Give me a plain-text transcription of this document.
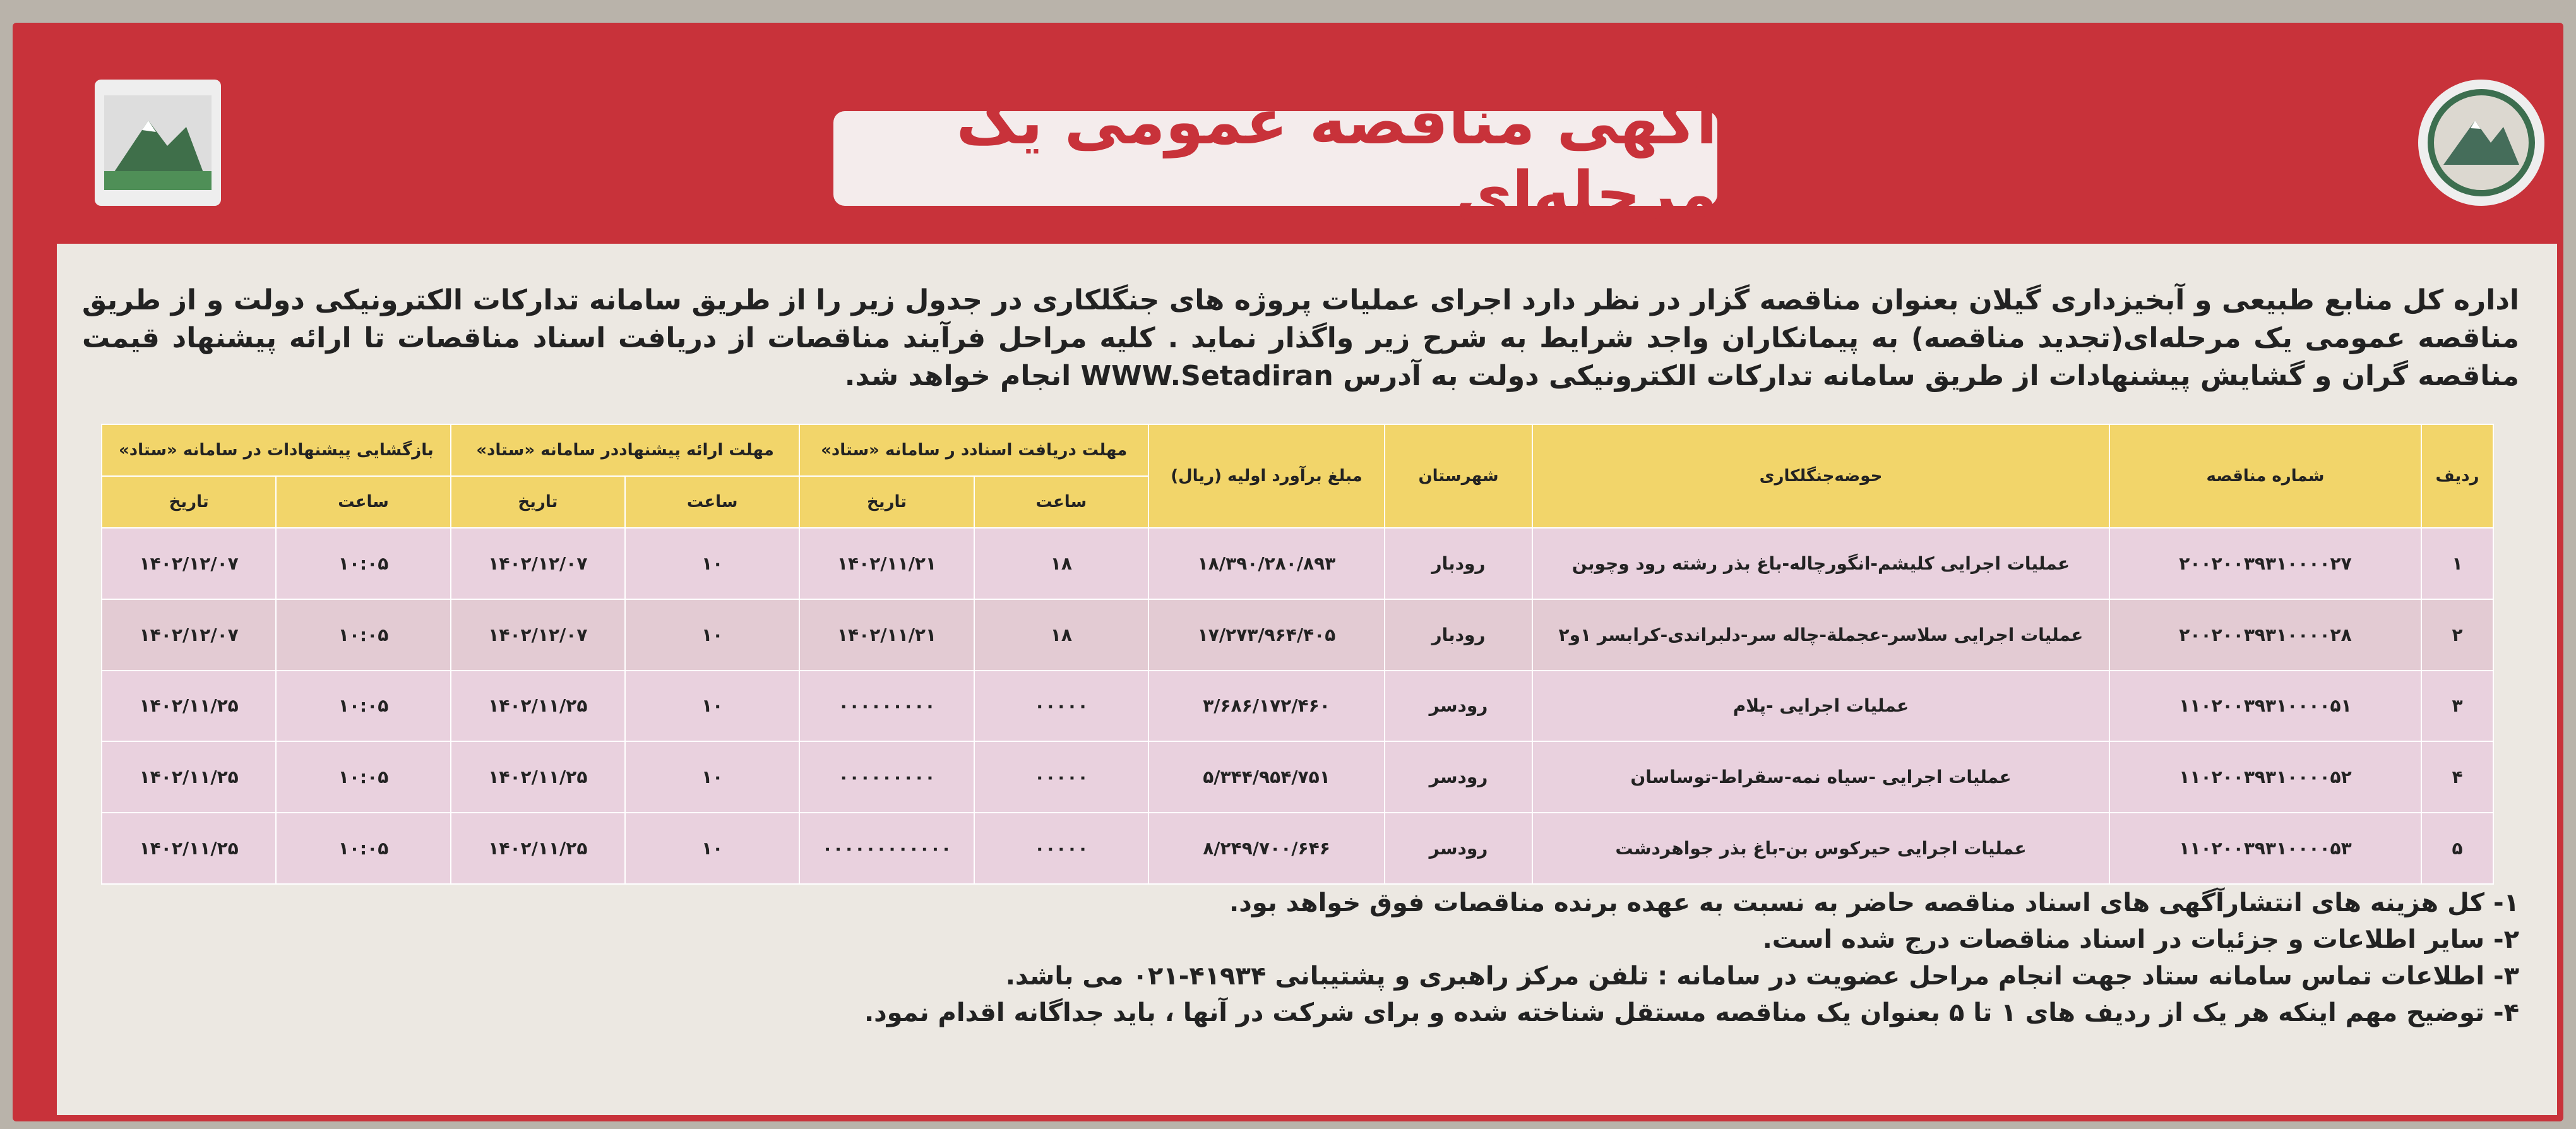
آگهی مناقصه عمومی یک مرحله‌ای
اداره کل منابع طبیعی و آبخیزداری گیلان بعنوان مناقصه گزار در نظر دارد اجرای عملیات پروژه های جنگلکاری در جدول زیر را از طریق سامانه تدارکات الکترونیکی دولت و از طریق مناقصه عمومی یک مرحله‌ای(تجدید مناقصه) به پیمانکاران واجد شرایط به شرح زیر واگذار نماید . کلیه مراحل فرآیند مناقصات از دریافت اسناد مناقصات تا ارائه پیشنهاد قیمت مناقصه گران و گشایش پیشنهادات از طریق سامانه تدارکات الکترونیکی دولت به آدرس WWW.Setadiran انجام خواهد شد.
ردیف	شماره مناقصه	حوضه‌جنگلکاری	شهرستان	مبلغ برآورد اولیه (ریال)	مهلت دریافت اسنادد ر سامانه «ستاد»		مهلت ارائه پیشنهاددر سامانه «ستاد»		بازگشایی پیشنهادات در سامانه «ستاد»	
					ساعت	تاریخ	ساعت	تاریخ	ساعت	تاریخ
۱	۲۰۰۲۰۰۳۹۳۱۰۰۰۰۲۷	عملیات اجرایی کلیشم-انگورچاله-باغ بذر رشته رود وچوبن	رودبار	۱۸/۳۹۰/۲۸۰/۸۹۳	۱۸	۱۴۰۲/۱۱/۲۱	۱۰	۱۴۰۲/۱۲/۰۷	۱۰:۰۵	۱۴۰۲/۱۲/۰۷
۲	۲۰۰۲۰۰۳۹۳۱۰۰۰۰۲۸	عملیات اجرایی سلاسر-عجملة-چاله سر-دلبراندی-کرابسر ۱و۲	رودبار	۱۷/۲۷۳/۹۶۴/۴۰۵	۱۸	۱۴۰۲/۱۱/۲۱	۱۰	۱۴۰۲/۱۲/۰۷	۱۰:۰۵	۱۴۰۲/۱۲/۰۷
۳	۱۱۰۲۰۰۳۹۳۱۰۰۰۰۵۱	عملیات اجرایی -پلام	رودسر	۳/۶۸۶/۱۷۲/۴۶۰	۰۰۰۰۰	۰۰۰۰۰۰۰۰۰	۱۰	۱۴۰۲/۱۱/۲۵	۱۰:۰۵	۱۴۰۲/۱۱/۲۵
۴	۱۱۰۲۰۰۳۹۳۱۰۰۰۰۵۲	عملیات اجرایی -سیاه نمه-سقراط-توساسان	رودسر	۵/۳۴۴/۹۵۴/۷۵۱	۰۰۰۰۰	۰۰۰۰۰۰۰۰۰	۱۰	۱۴۰۲/۱۱/۲۵	۱۰:۰۵	۱۴۰۲/۱۱/۲۵
۵	۱۱۰۲۰۰۳۹۳۱۰۰۰۰۵۳	عملیات اجرایی حیرکوس بن-باغ بذر جواهردشت	رودسر	۸/۲۴۹/۷۰۰/۶۴۶	۰۰۰۰۰	۰۰۰۰۰۰۰۰۰۰۰۰	۱۰	۱۴۰۲/۱۱/۲۵	۱۰:۰۵	۱۴۰۲/۱۱/۲۵
۱- کل هزینه های انتشارآگهی های اسناد مناقصه حاضر به نسبت به عهده برنده مناقصات فوق خواهد بود.
۲- سایر اطلاعات و جزئیات در اسناد مناقصات درج شده است.
۳- اطلاعات تماس سامانه ستاد جهت انجام مراحل عضویت در سامانه : تلفن مرکز راهبری و پشتیبانی ۴۱۹۳۴-۰۲۱ می باشد.
۴- توضیح مهم اینکه هر یک از ردیف های ۱ تا ۵ بعنوان یک مناقصه مستقل شناخته شده و برای شرکت در آنها ، باید جداگانه اقدام نمود.
